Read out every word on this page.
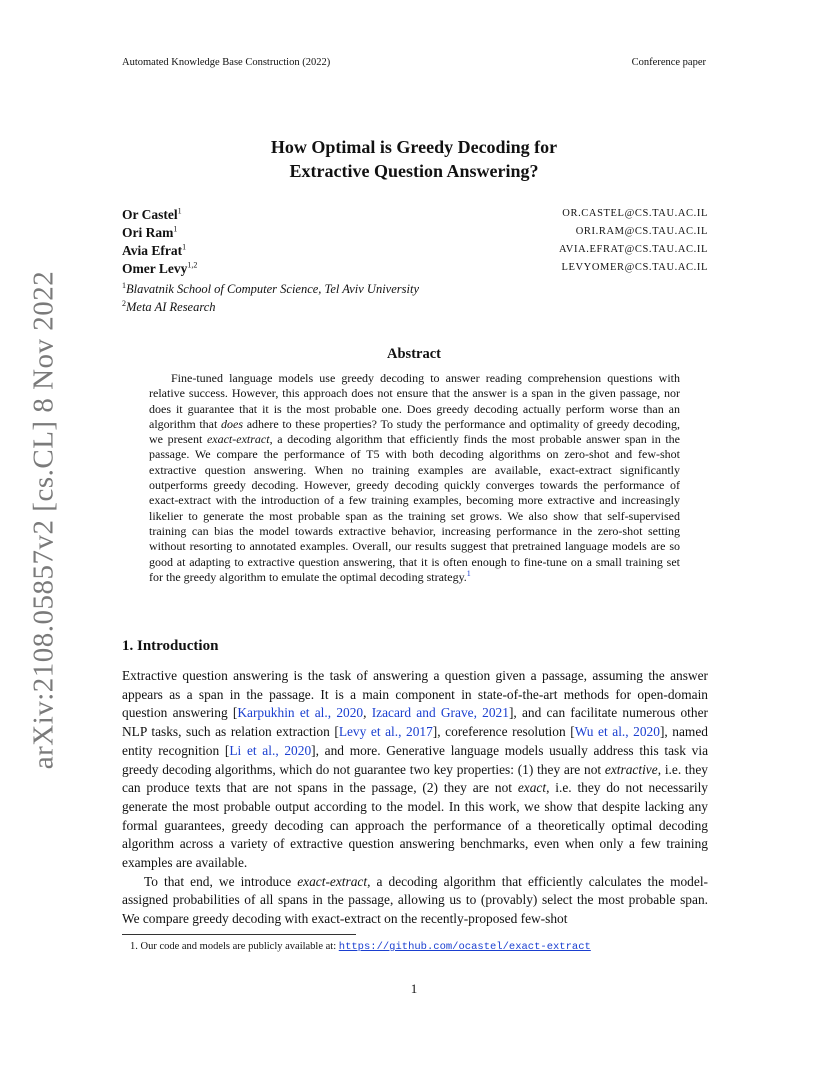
Automated Knowledge Base Construction (2022)	Conference paper
arXiv:2108.05857v2 [cs.CL] 8 Nov 2022
How Optimal is Greedy Decoding for
Extractive Question Answering?
Or Castel$^1$	OR.CASTEL@CS.TAU.AC.IL
Ori Ram$^1$	ORI.RAM@CS.TAU.AC.IL
Avia Efrat$^1$	AVIA.EFRAT@CS.TAU.AC.IL
Omer Levy$^{1,2}$	LEVYOMER@CS.TAU.AC.IL
$^1$Blavatnik School of Computer Science, Tel Aviv University
$^2$Meta AI Research
Abstract

Fine-tuned language models use greedy decoding to answer reading comprehension questions with relative success. However, this approach does not ensure that the answer is a span in the given passage, nor does it guarantee that it is the most probable one. Does greedy decoding actually perform worse than an algorithm that does adhere to these properties? To study the performance and optimality of greedy decoding, we present exact-extract, a decoding algorithm that efficiently finds the most probable answer span in the passage. We compare the performance of T5 with both decoding algorithms on zero-shot and few-shot extractive question answering. When no training examples are available, exact-extract significantly outperforms greedy decoding. However, greedy decoding quickly converges towards the performance of exact-extract with the introduction of a few training examples, becoming more extractive and increasingly likelier to generate the most probable span as the training set grows. We also show that self-supervised training can bias the model towards extractive behavior, increasing performance in the zero-shot setting without resorting to annotated examples. Overall, our results suggest that pretrained language models are so good at adapting to extractive question answering, that it is often enough to fine-tune on a small training set for the greedy algorithm to emulate the optimal decoding strategy.$^1$

1. Introduction

Extractive question answering is the task of answering a question given a passage, assuming the answer appears as a span in the passage. It is a main component in state-of-the-art methods for open-domain question answering [Karpukhin et al., 2020, Izacard and Grave, 2021], and can facilitate numerous other NLP tasks, such as relation extraction [Levy et al., 2017], coreference resolution [Wu et al., 2020], named entity recognition [Li et al., 2020], and more. Generative language models usually address this task via greedy decoding algorithms, which do not guarantee two key properties: (1) they are not extractive, i.e. they can produce texts that are not spans in the passage, (2) they are not exact, i.e. they do not necessarily generate the most probable output according to the model. In this work, we show that despite lacking any formal guarantees, greedy decoding can approach the performance of a theoretically optimal decoding algorithm across a variety of extractive question answering benchmarks, even when only a few training examples are available.

To that end, we introduce exact-extract, a decoding algorithm that efficiently calculates the model-assigned probabilities of all spans in the passage, allowing us to (provably) select the most probable span. We compare greedy decoding with exact-extract on the recently-proposed few-shot

1. Our code and models are publicly available at: https://github.com/ocastel/exact-extract
1
